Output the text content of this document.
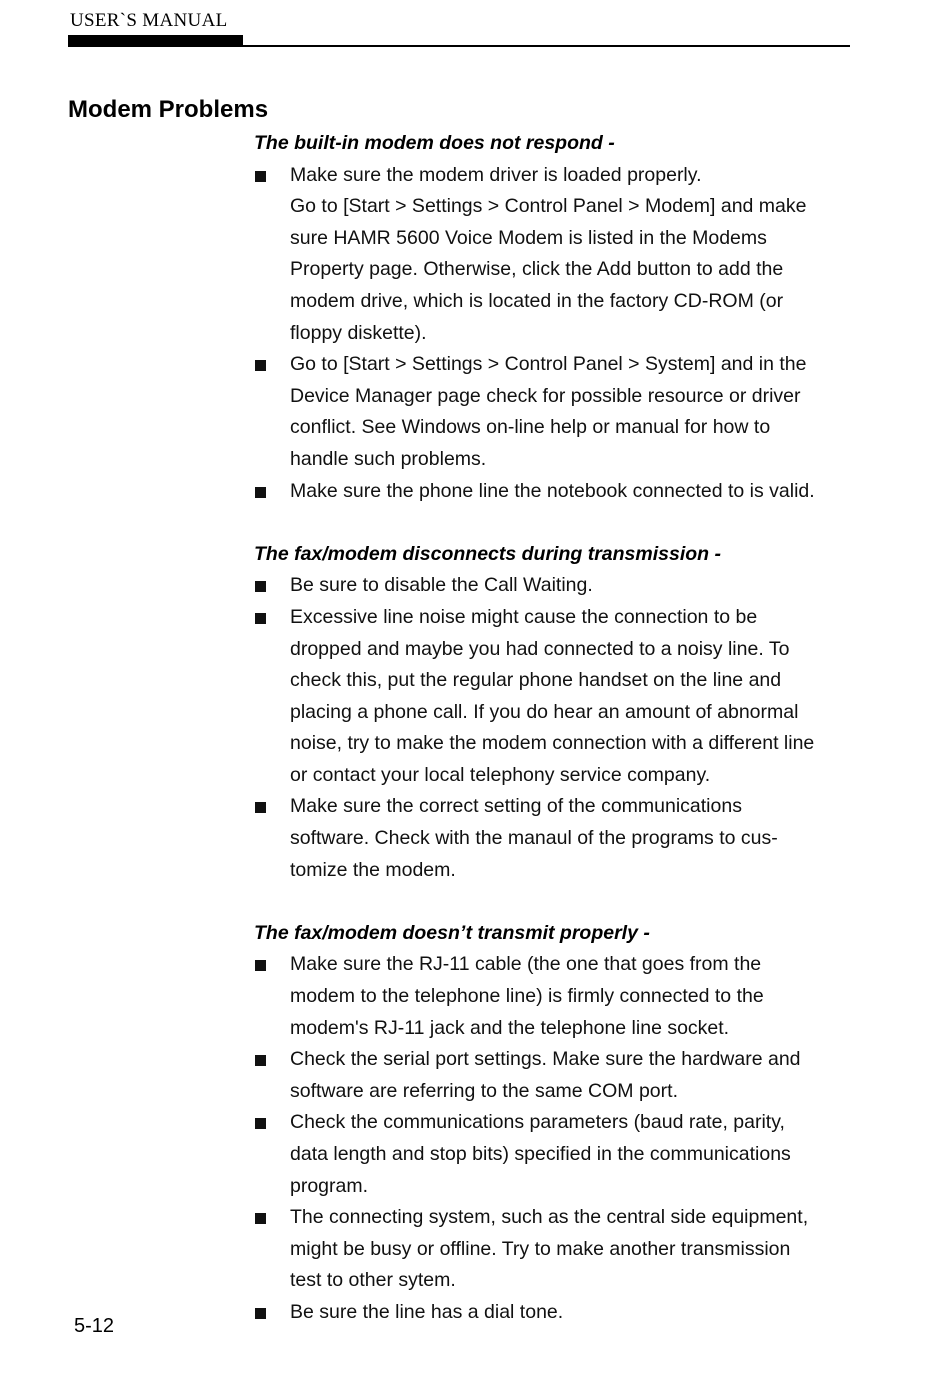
USER`S MANUAL
Modem Problems

The built-in modem does not respond -

Make sure the modem driver is loaded properly.
Go to [Start > Settings > Control Panel > Modem] and make
sure HAMR 5600 Voice Modem is listed in the Modems
Property page. Otherwise, click the Add button to add the
modem drive, which is located in the factory CD-ROM (or
floppy diskette).
Go to [Start > Settings > Control Panel > System] and in the
Device Manager page check for possible resource or driver
conflict. See Windows on-line help or manual for how to
handle such problems.
Make sure the phone line the notebook connected to is valid.

The fax/modem disconnects during transmission -

Be sure to disable the Call Waiting.
Excessive line noise might cause the connection to be
dropped and maybe you had connected to a noisy line. To
check this, put the regular phone handset on the line and
placing a phone call. If you do hear an amount of abnormal
noise, try to make the modem connection with a different line
or contact your local telephony service company.
Make sure the correct setting of the communications
software. Check with the manaul of the programs to cus-
tomize the modem.

The fax/modem doesn’t transmit properly -

Make sure the RJ-11 cable (the one that goes from the
modem to the telephone line) is firmly connected to the
modem's RJ-11 jack and the telephone line socket.
Check the serial port settings. Make sure the hardware and
software are referring to the same COM port.
Check the communications parameters (baud rate, parity,
data length and stop bits) specified in the communications
program.
The connecting system, such as the central side equipment,
might be busy or offline. Try to make another transmission
test to other sytem.
Be sure the line has a dial tone.
5-12
